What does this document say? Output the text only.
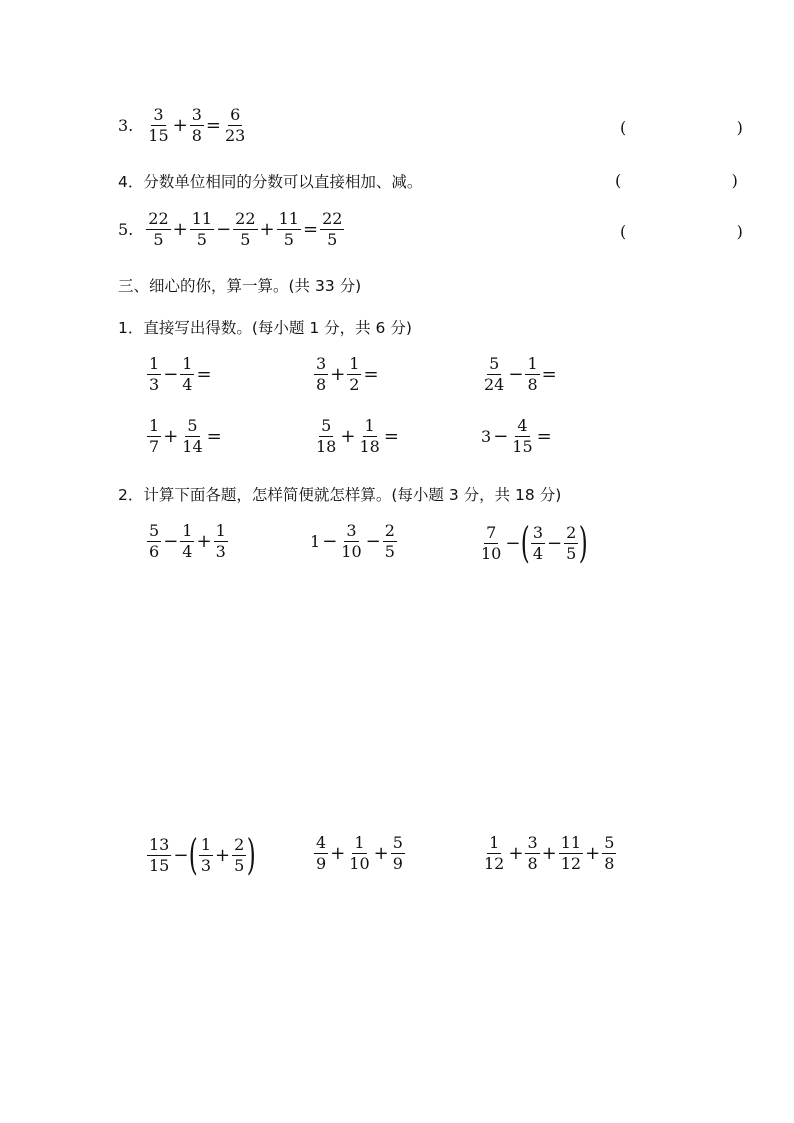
3. $\frac{3}{15} + \frac{3}{8} = \frac{6}{23}$	(    )
4． 分数单位相同的分数可以直接相加、减。	(    )
5. $\frac{22}{5} + \frac{11}{5} - \frac{22}{5} + \frac{11}{5} = \frac{22}{5}$	(    )
三、细心的你，算一算。(共 33 分)
1．直接写出得数。(每小题 1 分，共 6 分)
$\frac{1}{3} - \frac{1}{4}$ =	$\frac{3}{8} + \frac{1}{2}$ =	$\frac{5}{24} - \frac{1}{8}$ =
$\frac{1}{7} + \frac{5}{14}$ =	$\frac{5}{18} + \frac{1}{18}$ =	$3 - \frac{4}{15}$ =
2．计算下面各题，怎样简便就怎样算。(每小题 3 分，共 18 分)
$\frac{5}{6} - \frac{1}{4} + \frac{1}{3}$	$1 - \frac{3}{10} - \frac{2}{5}$	$\frac{7}{10}$ − ( $\frac{3}{4} - \frac{2}{5}$ )
$\frac{13}{15}$ − ( $\frac{1}{3} + \frac{2}{5}$ )	$\frac{4}{9} + \frac{1}{10} + \frac{5}{9}$	$\frac{1}{12} + \frac{3}{8} + \frac{11}{12} + \frac{5}{8}$
